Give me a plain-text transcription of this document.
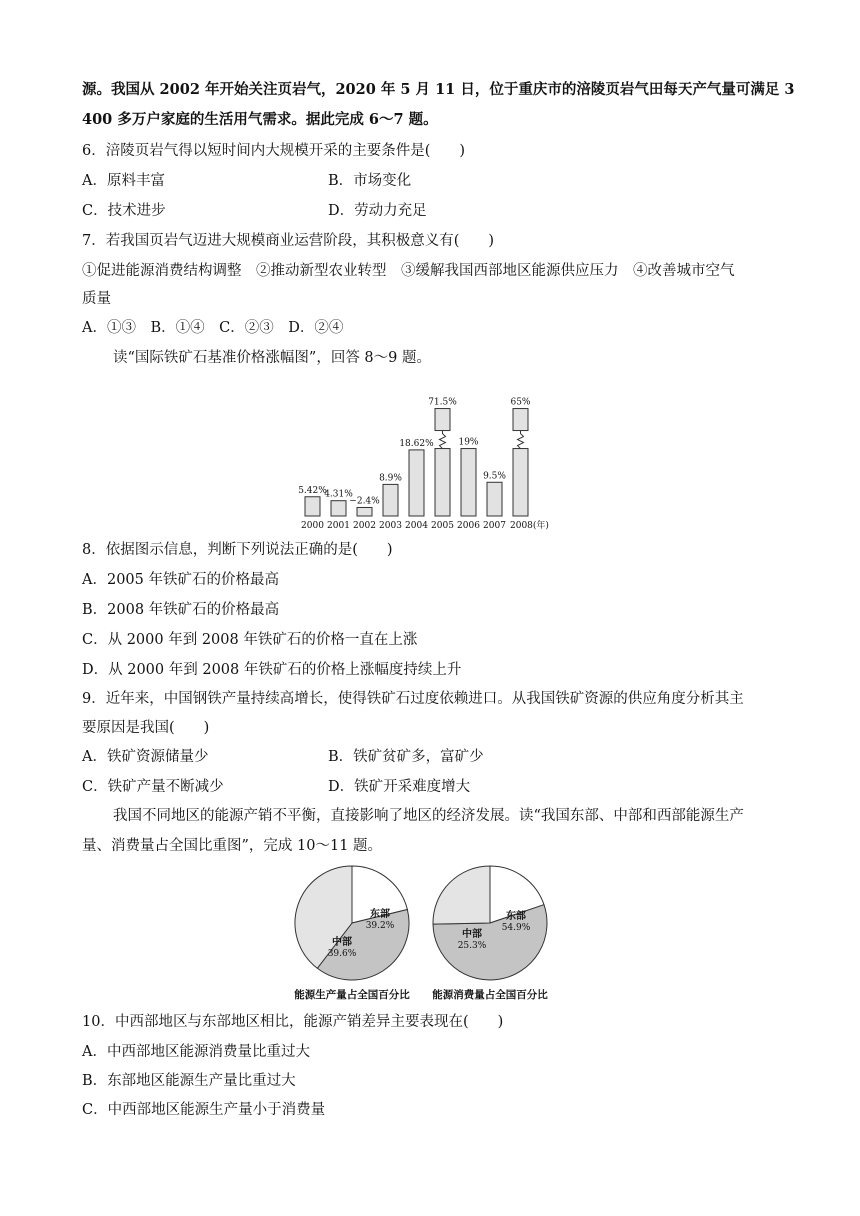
源。我国从 2002 年开始关注页岩气，2020 年 5 月 11 日，位于重庆市的涪陵页岩气田每天产气量可满足 3
400 多万户家庭的生活用气需求。据此完成 6～7 题。
6．涪陵页岩气得以短时间内大规模开采的主要条件是(　　)
A．原料丰富	B．市场变化
C．技术进步	D．劳动力充足
7．若我国页岩气迈进大规模商业运营阶段，其积极意义有(　　)
①促进能源消费结构调整　②推动新型农业转型　③缓解我国西部地区能源供应压力　④改善城市空气
质量
A．①③　B．①④　C．②③　D．②④
读“国际铁矿石基准价格涨幅图”，回答 8～9 题。
5.42%
2000
4.31%
2001
−2.4%
2002
8.9%
2003
18.62%
2004
71.5%
2005
19%
2006
9.5%
2007
65%
2008(年)
8．依据图示信息，判断下列说法正确的是(　　)
A．2005 年铁矿石的价格最高
B．2008 年铁矿石的价格最高
C．从 2000 年到 2008 年铁矿石的价格一直在上涨
D．从 2000 年到 2008 年铁矿石的价格上涨幅度持续上升
9．近年来，中国钢铁产量持续高增长，使得铁矿石过度依赖进口。从我国铁矿资源的供应角度分析其主
要原因是我国(　　)
A．铁矿资源储量少	B．铁矿贫矿多，富矿少
C．铁矿产量不断减少	D．铁矿开采难度增大
我国不同地区的能源产销不平衡，直接影响了地区的经济发展。读“我国东部、中部和西部能源生产
量、消费量占全国比重图”，完成 10～11 题。
东部
39.2%
中部
39.6%
能源生产量占全国百分比
东部
54.9%
中部
25.3%
能源消费量占全国百分比
10．中西部地区与东部地区相比，能源产销差异主要表现在(　　)
A．中西部地区能源消费量比重过大
B．东部地区能源生产量比重过大
C．中西部地区能源生产量小于消费量
